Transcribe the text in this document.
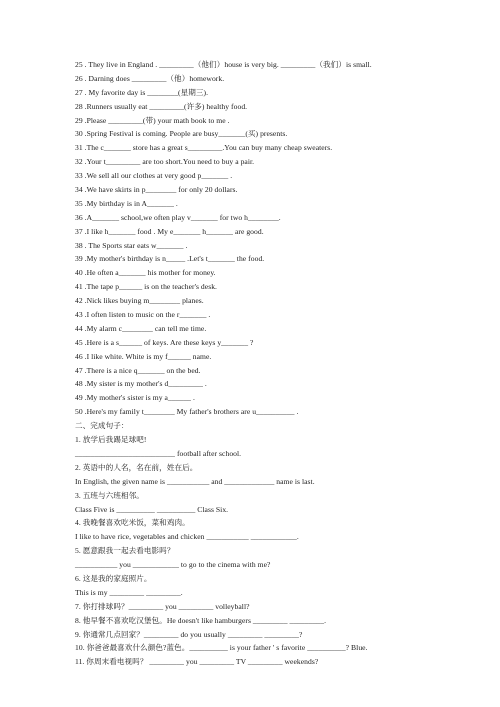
25 . They live in England . _________（他们）house is very big. _________（我们）is small.
26 . Darning does _________（他）homework.
27 . My favorite day is ________(星期三).
28 .Runners usually eat _________(许多) healthy food.
29 .Please _________(带) your math book to me .
30 .Spring Festival is coming. People are busy_______(买) presents.
31 .The c_______ store has a great s_________.You can buy many cheap sweaters.
32 .Your t_________ are too short.You need to buy a pair.
33 .We sell all our clothes at very good p_______ .
34 .We have skirts in p________ for only 20 dollars.
35 .My birthday is in A_______ .
36 .A_______ school,we often play v_______ for two h________.
37 .I like h_______ food . My e_______ h_______ are good.
38 . The Sports star eats w_______ .
39 .My mother's birthday is n_____ .Let's t_______ the food.
40 .He often a_______ his mother for money.
41 .The tape p______ is on the teacher's desk.
42 .Nick likes buying m________ planes.
43 .I often listen to music on the r_______ .
44 .My alarm c________ can tell me time.
45 .Here is a s______ of keys. Are these keys y_______ ?
46 .I like white. White is my f______ name.
47 .There is a nice q_______ on the bed.
48 .My sister is my mother's d_________ .
49 .My mother's sister is my a______ .
50 .Here's my family t________ My father's brothers are u__________ .
二、完成句子：
1. 放学后我踢足球吧!
__________________________ football after school.
2. 英语中的人名，名在前，姓在后。
In English, the given name is ___________ and _____________ name is last.
3. 五班与六班相邻。
Class Five is __________ __________ Class Six.
4. 我晚餐喜欢吃米饭，菜和鸡肉。
I like to have rice, vegetables and chicken ___________ ____________.
5. 愿意跟我一起去看电影吗？
___________ you ____________ to go to the cinema with me?
6. 这是我的家庭照片。
This is my _________ _________.
7. 你打排球吗？_________ you _________ volleyball?
8. 他早餐不喜欢吃汉堡包。He doesn't like hamburgers _________ _________.
9. 你通常几点回家？_________ do you usually _________ _________?
10. 你爸爸最喜欢什么颜色?蓝色。__________ is your father ' s favorite __________? Blue.
11. 你周末看电视吗？ _________ you _________ TV _________ weekends?
